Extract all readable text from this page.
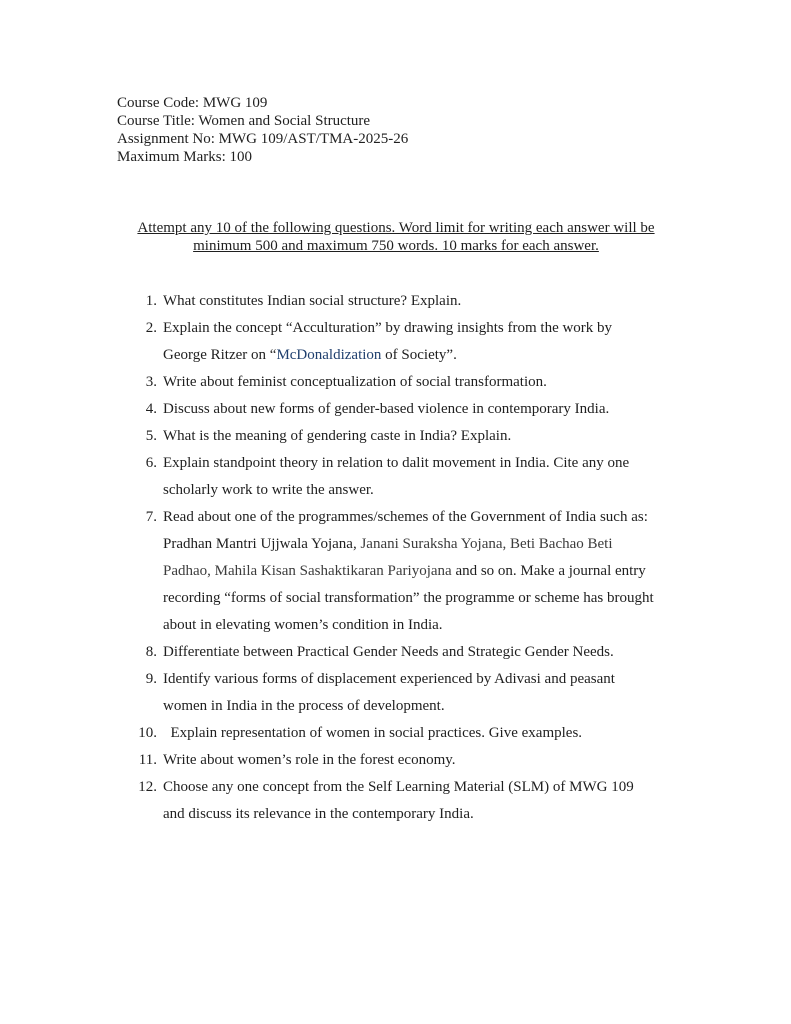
Course Code: MWG 109
Course Title: Women and Social Structure
Assignment No: MWG 109/AST/TMA-2025-26
Maximum Marks: 100
Attempt any 10 of the following questions. Word limit for writing each answer will be
minimum 500 and maximum 750 words. 10 marks for each answer.
1. What constitutes Indian social structure? Explain.
2. Explain the concept “Acculturation” by drawing insights from the work by
George Ritzer on “McDonaldization of Society”.
3. Write about feminist conceptualization of social transformation.
4. Discuss about new forms of gender-based violence in contemporary India.
5. What is the meaning of gendering caste in India? Explain.
6. Explain standpoint theory in relation to dalit movement in India. Cite any one
scholarly work to write the answer.
7. Read about one of the programmes/schemes of the Government of India such as:
Pradhan Mantri Ujjwala Yojana, Janani Suraksha Yojana, Beti Bachao Beti
Padhao, Mahila Kisan Sashaktikaran Pariyojana and so on. Make a journal entry
recording “forms of social transformation” the programme or scheme has brought
about in elevating women’s condition in India.
8. Differentiate between Practical Gender Needs and Strategic Gender Needs.
9. Identify various forms of displacement experienced by Adivasi and peasant
women in India in the process of development.
10. Explain representation of women in social practices. Give examples.
11. Write about women’s role in the forest economy.
12. Choose any one concept from the Self Learning Material (SLM) of MWG 109
and discuss its relevance in the contemporary India.
